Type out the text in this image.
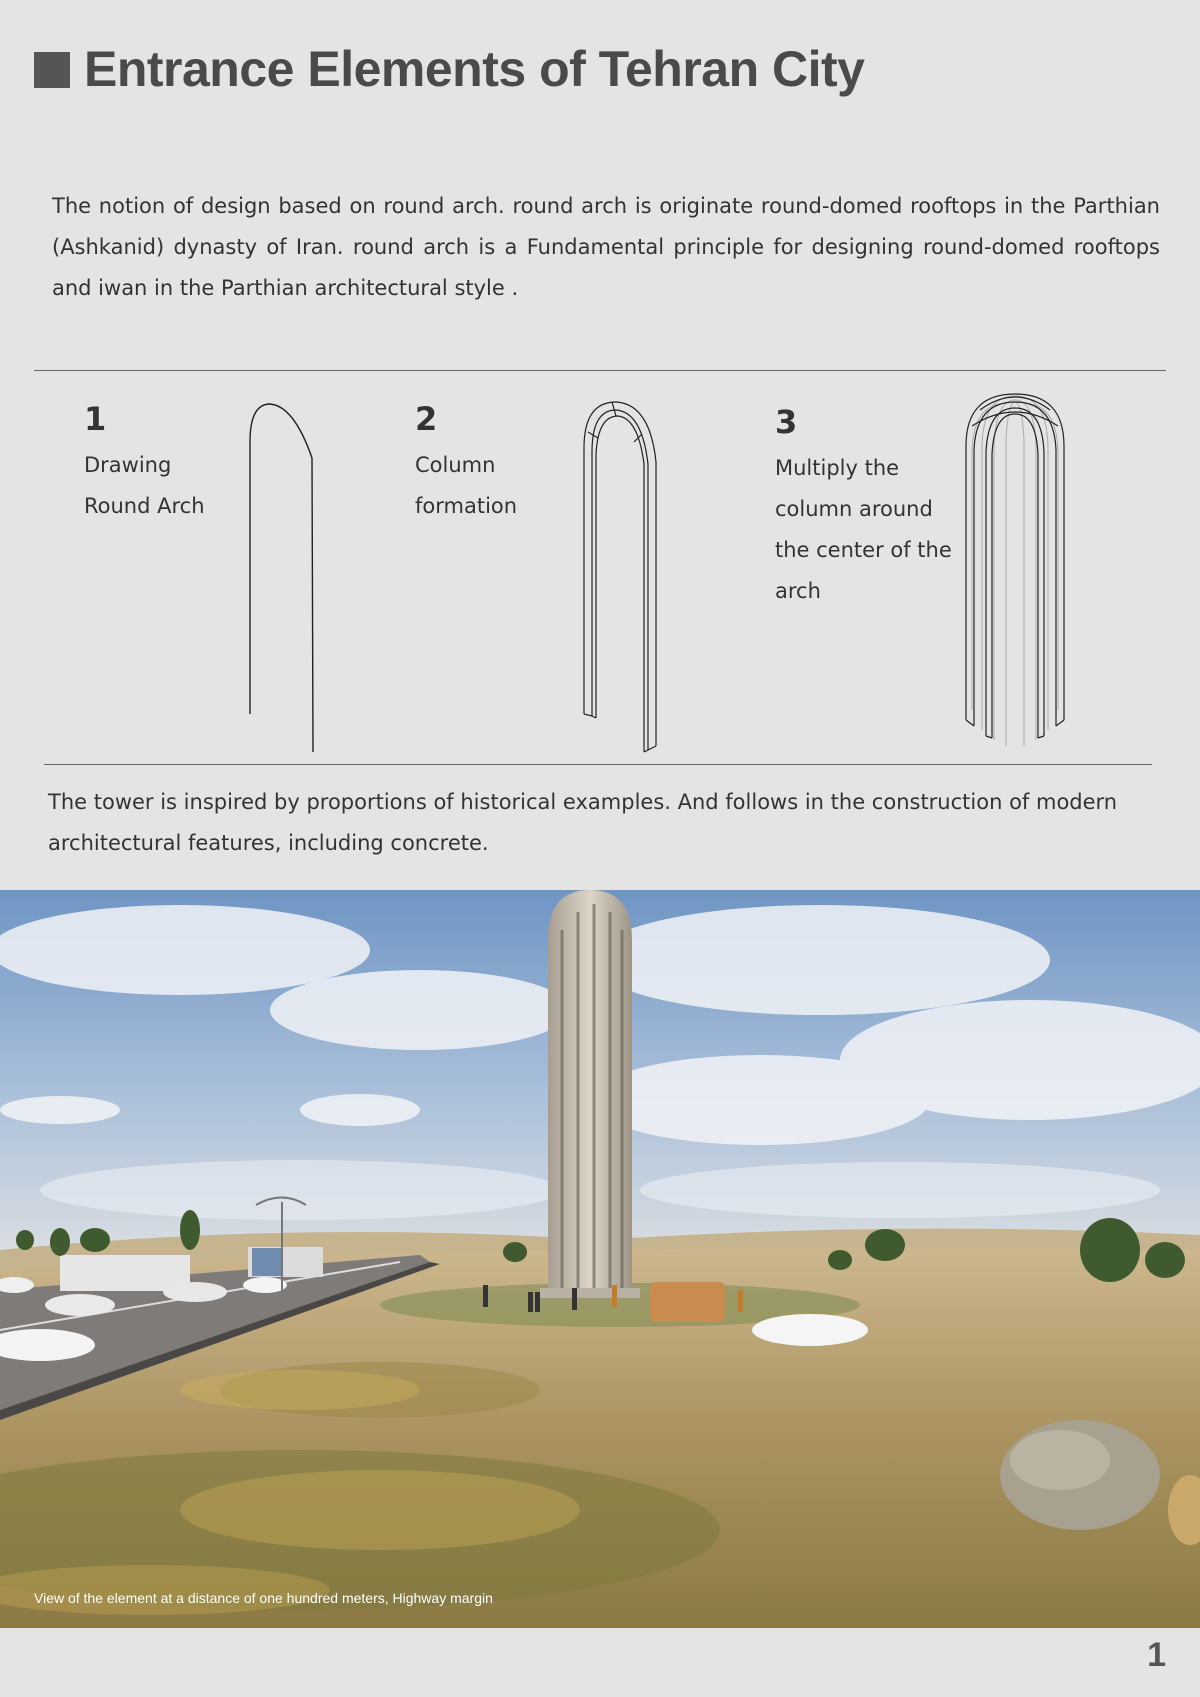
Entrance Elements of Tehran City

The notion of design based on round arch. round arch is originate round-domed rooftops in the Parthian (Ashkanid) dynasty of Iran. round arch is a Fundamental principle for designing round-domed rooftops and iwan in the Parthian architectural style .

1
Drawing
Round Arch
2
Column
formation
3
Multiply the
column around
the center of the
arch

The tower is inspired by proportions of historical examples. And follows in the construction of modern architectural features, including concrete.

View of the element at a distance of one hundred meters, Highway margin
1
